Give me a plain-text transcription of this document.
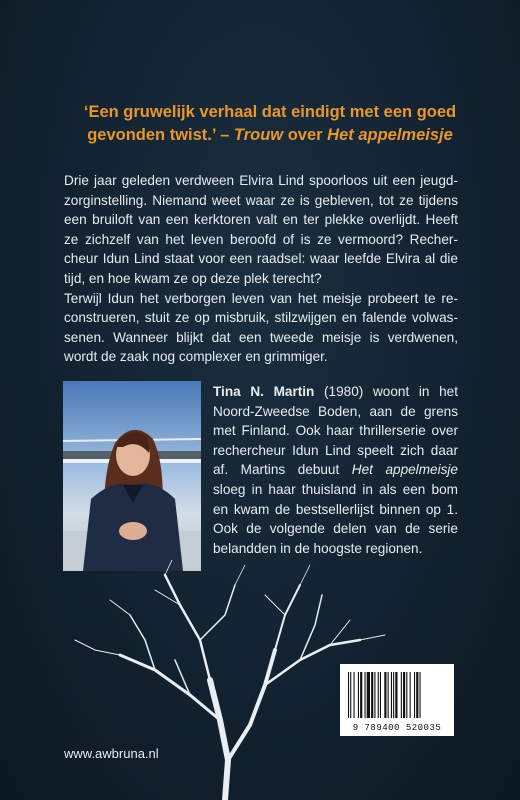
‘Een gruwelijk verhaal dat eindigt met een goed gevonden twist.’ – Trouw over Het appelmeisje

Drie jaar geleden verdween Elvira Lind spoorloos uit een jeugdzorginstelling. Niemand weet waar ze is gebleven, tot ze tijdens een bruiloft van een kerktoren valt en ter plekke overlijdt. Heeft ze zichzelf van het leven beroofd of is ze vermoord? Rechercheur Idun Lind staat voor een raadsel: waar leefde Elvira al die tijd, en hoe kwam ze op deze plek terecht?

Terwijl Idun het verborgen leven van het meisje probeert te reconstrueren, stuit ze op misbruik, stilzwijgen en falende volwassenen. Wanneer blijkt dat een tweede meisje is verdwenen, wordt de zaak nog complexer en grimmiger.

Tina N. Martin (1980) woont in het Noord-Zweedse Boden, aan de grens met Finland. Ook haar thrillerserie over rechercheur Idun Lind speelt zich daar af. Martins debuut Het appelmeisje sloeg in haar thuisland in als een bom en kwam de bestsellerlijst binnen op 1. Ook de volgende delen van de serie belandden in de hoogste regionen.
9 789400 520035
www.awbruna.nl
